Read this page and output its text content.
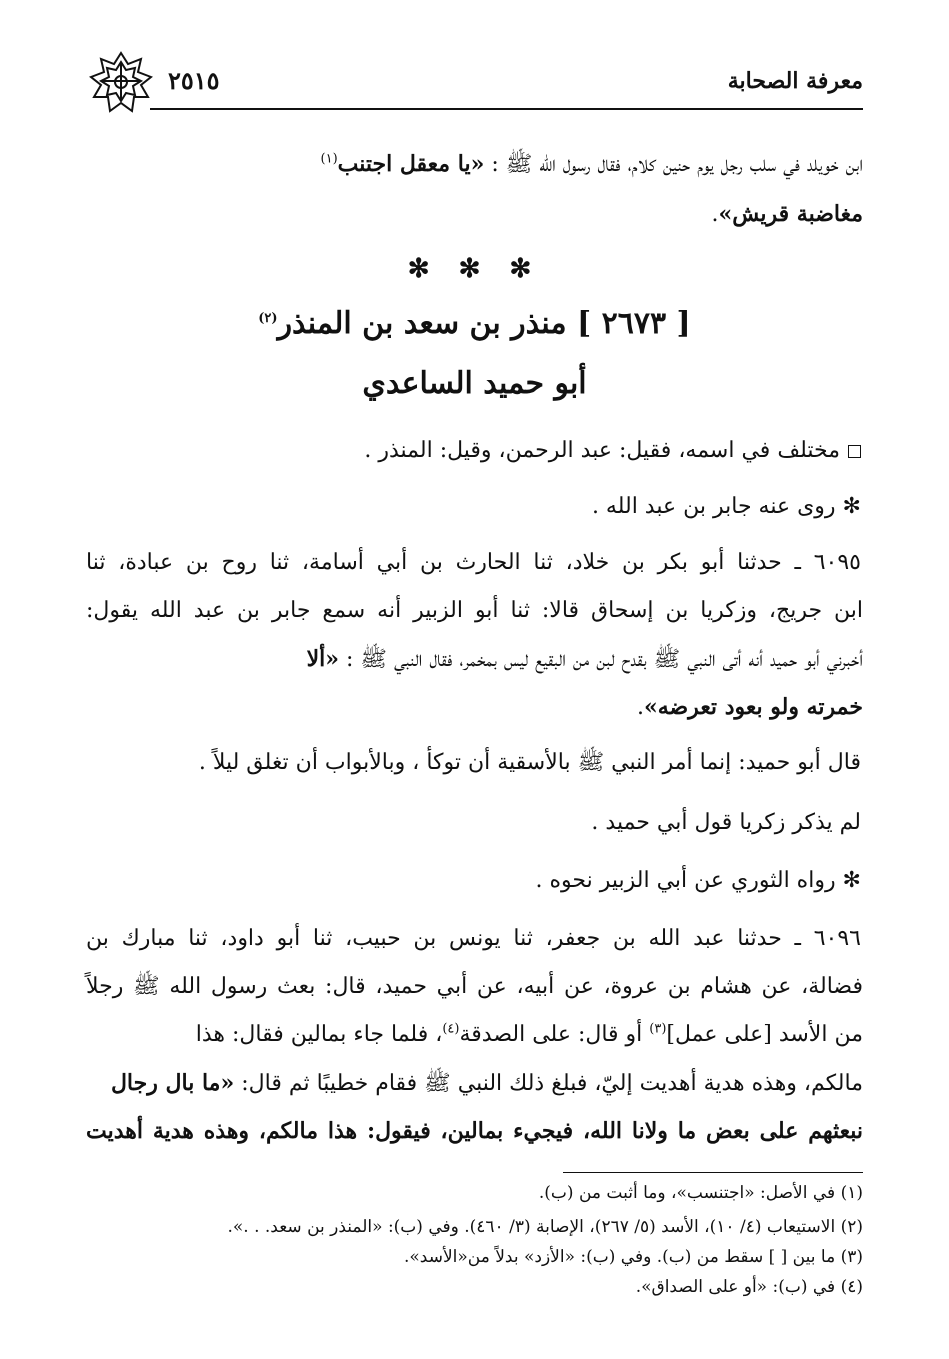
معرفة الصحابة
٢٥١٥
ابن خويلد في سلب رجل يوم حنين كلام، فقال رسول الله ﷺ : «يا معقل اجتنب$^{(١)}$
مغاضبة قريش».
✻ ✻ ✻
[ ٢٦٧٣ ] منذر بن سعد بن المنذر$^{(٢)}$
أبو حميد الساعدي
مختلف في اسمه، فقيل: عبد الرحمن، وقيل: المنذر .
✻ روى عنه جابر بن عبد الله .
٦٠٩٥ ـ حدثنا أبو بكر بن خلاد، ثنا الحارث بن أبي أسامة، ثنا روح بن عبادة، ثنا
ابن جريج، وزكريا بن إسحاق قالا: ثنا أبو الزبير أنه سمع جابر بن عبد الله يقول:
أخبرني أبو حميد أنه أتى النبي ﷺ بقدح لبن من البقيع ليس بمخمر، فقال النبي ﷺ : «ألا
خمرته ولو بعود تعرضه».
قال أبو حميد: إنما أمر النبي ﷺ بالأسقية أن توكأ ، وبالأبواب أن تغلق ليلاً .
لم يذكر زكريا قول أبي حميد .
✻ رواه الثوري عن أبي الزبير نحوه .
٦٠٩٦ ـ حدثنا عبد الله بن جعفر، ثنا يونس بن حبيب، ثنا أبو داود، ثنا مبارك بن
فضالة، عن هشام بن عروة، عن أبيه، عن أبي حميد، قال: بعث رسول الله ﷺ رجلاً
من الأسد [على عمل]$^{(٣)}$ أو قال: على الصدقة$^{(٤)}$، فلما جاء بمالين فقال: هذا
مالكم، وهذه هدية أهديت إليّ، فبلغ ذلك النبي ﷺ فقام خطيبًا ثم قال: «ما بال رجال
نبعثهم على بعض ما ولانا الله، فيجيء بمالين، فيقول: هذا مالكم، وهذه هدية أهديت
(١) في الأصل: «اجتنسب»، وما أثبت من (ب).
(٢) الاستيعاب (٤/ ١٠)، الأسد (٥/ ٢٦٧)، الإصابة (٣/ ٤٦٠). وفي (ب): «المنذر بن سعد. . .».
(٣) ما بين [ ] سقط من (ب). وفي (ب): «الأزد» بدلاً من«الأسد».
(٤) في (ب): «أو على الصداق».
